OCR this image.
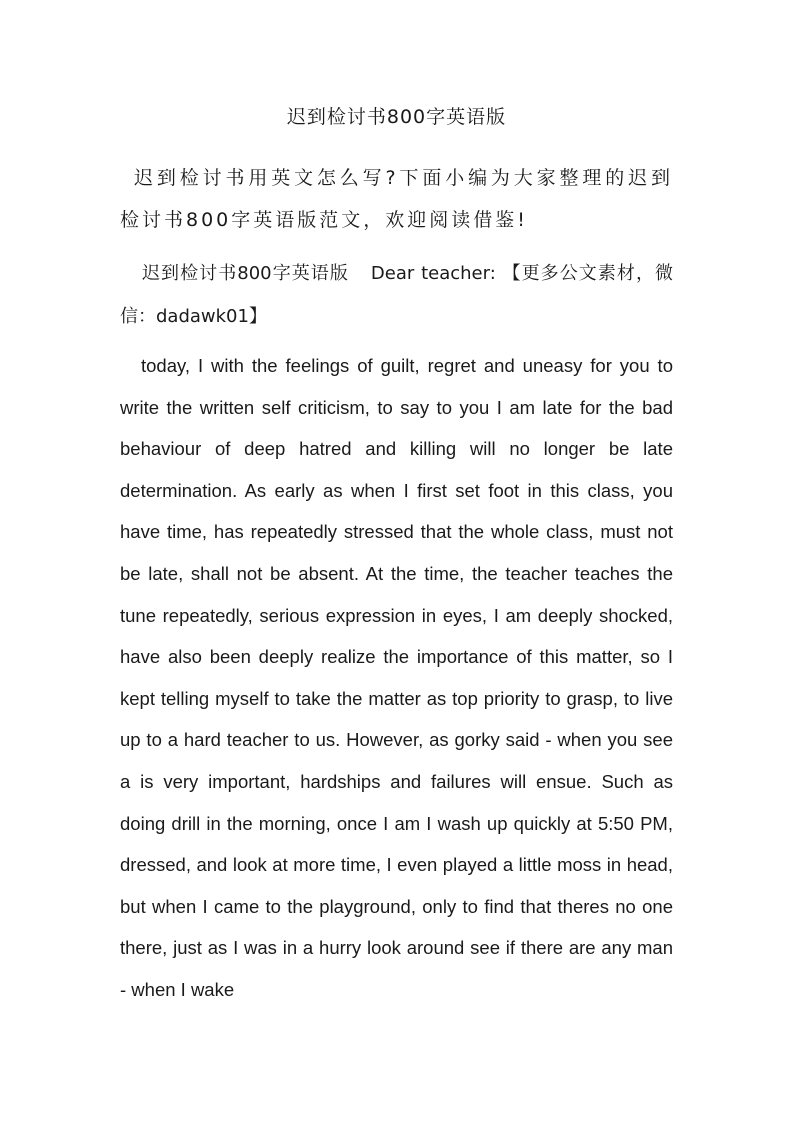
迟到检讨书800字英语版
迟到检讨书用英文怎么写?下面小编为大家整理的迟到检讨书800字英语版范文，欢迎阅读借鉴!
迟到检讨书800字英语版 Dear teacher: 【更多公文素材，微 信：dadawk01】
today, I with the feelings of guilt, regret and uneasy for you to write the written self criticism, to say to you I am late for the bad behaviour of deep hatred and killing will no longer be late determination. As early as when I first set foot in this class, you have time, has repeatedly stressed that the whole class, must not be late, shall not be absent. At the time, the teacher teaches the tune repeatedly, serious expression in eyes, I am deeply shocked, have also been deeply realize the importance of this matter, so I kept telling myself to take the matter as top priority to grasp, to live up to a hard teacher to us. However, as gorky said - when you see a is very important, hardships and failures will ensue. Such as doing drill in the morning, once I am I wash up quickly at 5:50 PM, dressed, and look at more time, I even played a little moss in head, but when I came to the playground, only to find that theres no one there, just as I was in a hurry look around see if there are any man - when I wake
